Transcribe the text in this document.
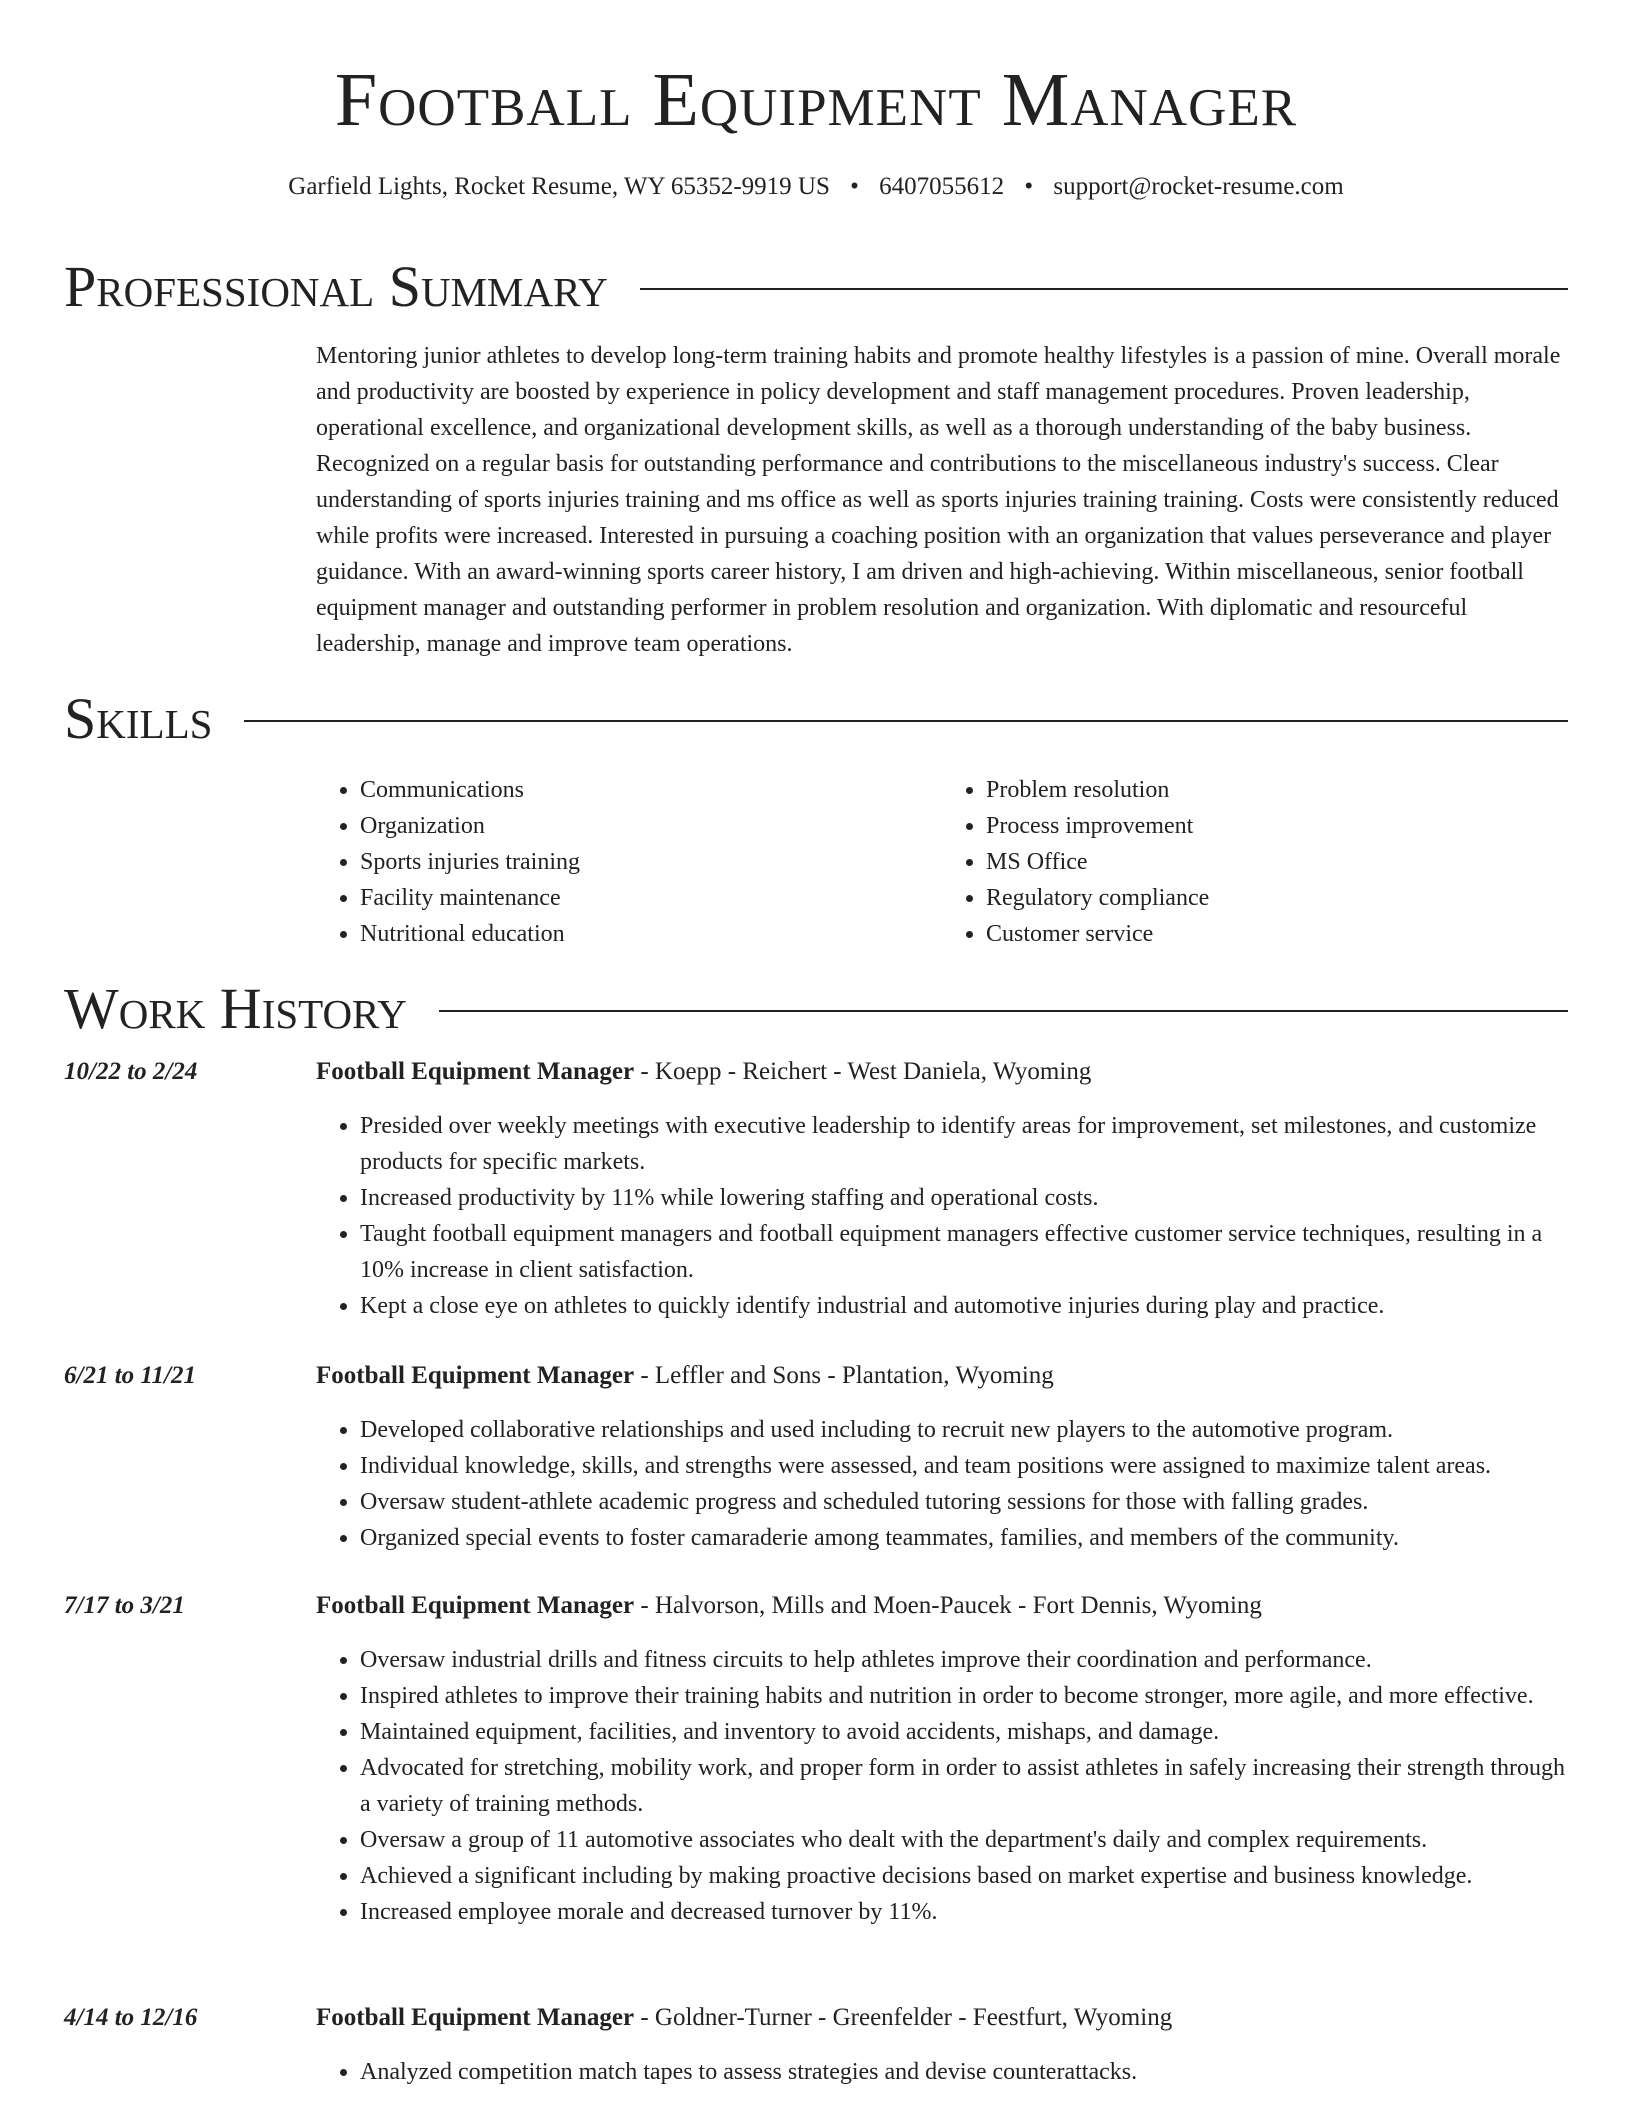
Football Equipment Manager
Garfield Lights, Rocket Resume, WY 65352-9919 US • 6407055612 • support@rocket-resume.com
Professional Summary

Mentoring junior athletes to develop long-term training habits and promote healthy lifestyles is a passion of mine. Overall morale and productivity are boosted by experience in policy development and staff management procedures. Proven leadership, operational excellence, and organizational development skills, as well as a thorough understanding of the baby business. Recognized on a regular basis for outstanding performance and contributions to the miscellaneous industry's success. Clear understanding of sports injuries training and ms office as well as sports injuries training training. Costs were consistently reduced while profits were increased. Interested in pursuing a coaching position with an organization that values perseverance and player guidance. With an award-winning sports career history, I am driven and high-achieving. Within miscellaneous, senior football equipment manager and outstanding performer in problem resolution and organization. With diplomatic and resourceful leadership, manage and improve team operations.

Skills
• Communications
• Organization
• Sports injuries training
• Facility maintenance
• Nutritional education
• Problem resolution
• Process improvement
• MS Office
• Regulatory compliance
• Customer service
Work History
10/22 to 2/24	Football Equipment Manager - Koepp - Reichert - West Daniela, Wyoming
• Presided over weekly meetings with executive leadership to identify areas for improvement, set milestones, and customize products for specific markets.
• Increased productivity by 11% while lowering staffing and operational costs.
• Taught football equipment managers and football equipment managers effective customer service techniques, resulting in a 10% increase in client satisfaction.
• Kept a close eye on athletes to quickly identify industrial and automotive injuries during play and practice.
6/21 to 11/21	Football Equipment Manager - Leffler and Sons - Plantation, Wyoming
• Developed collaborative relationships and used including to recruit new players to the automotive program.
• Individual knowledge, skills, and strengths were assessed, and team positions were assigned to maximize talent areas.
• Oversaw student-athlete academic progress and scheduled tutoring sessions for those with falling grades.
• Organized special events to foster camaraderie among teammates, families, and members of the community.
7/17 to 3/21	Football Equipment Manager - Halvorson, Mills and Moen-Paucek - Fort Dennis, Wyoming
• Oversaw industrial drills and fitness circuits to help athletes improve their coordination and performance.
• Inspired athletes to improve their training habits and nutrition in order to become stronger, more agile, and more effective.
• Maintained equipment, facilities, and inventory to avoid accidents, mishaps, and damage.
• Advocated for stretching, mobility work, and proper form in order to assist athletes in safely increasing their strength through a variety of training methods.
• Oversaw a group of 11 automotive associates who dealt with the department's daily and complex requirements.
• Achieved a significant including by making proactive decisions based on market expertise and business knowledge.
• Increased employee morale and decreased turnover by 11%.
4/14 to 12/16	Football Equipment Manager - Goldner-Turner - Greenfelder - Feestfurt, Wyoming
• Analyzed competition match tapes to assess strategies and devise counterattacks.
